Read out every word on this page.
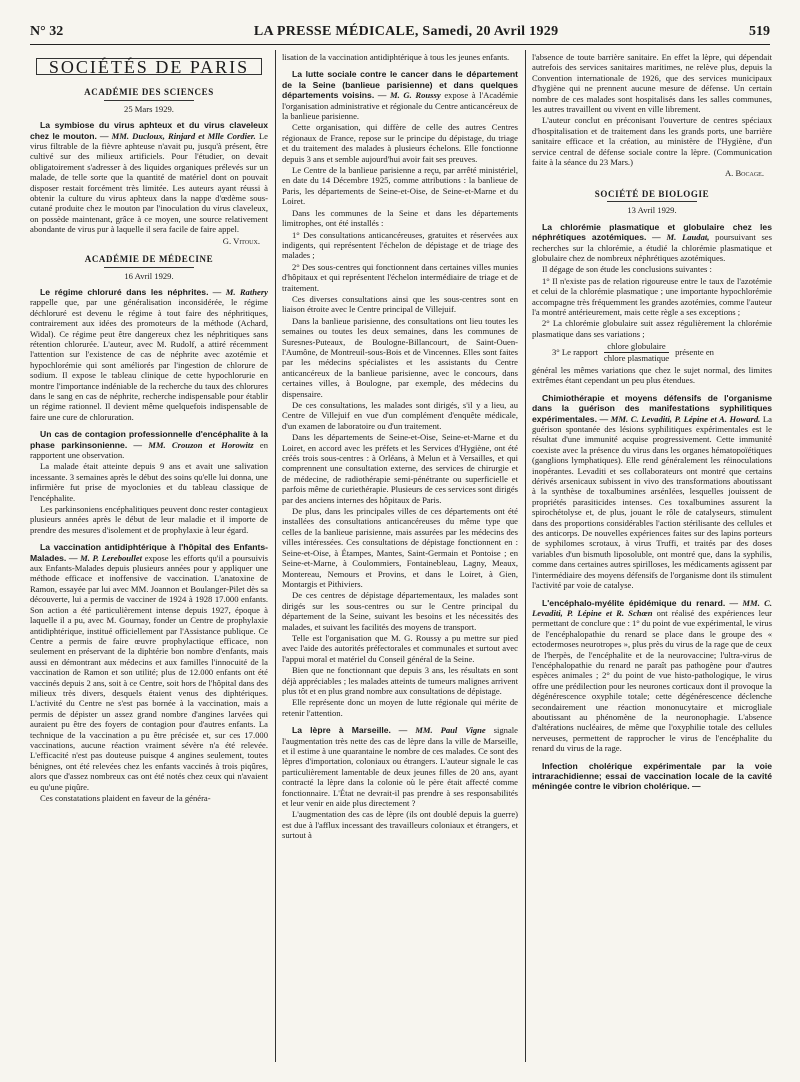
N° 32	LA PRESSE MÉDICALE, Samedi, 20 Avril 1929	519
SOCIÉTÉS DE PARIS
ACADÉMIE DES SCIENCES
25 Mars 1929.

La symbiose du virus aphteux et du virus claveleux chez le mouton. — MM. Ducloux, Rinjard et Mlle Cordier. Le virus filtrable de la fièvre aphteuse n'avait pu, jusqu'à présent, être cultivé sur des milieux artificiels. Pour l'étudier, on devait obligatoirement s'adresser à des liquides organiques prélevés sur un malade, de telle sorte que la quantité de matériel dont on pouvait disposer restait forcément très limitée. Les auteurs ayant réussi à obtenir la culture du virus aphteux dans la nappe d'œdème sous-cutané produite chez le mouton par l'inoculation du virus claveleux, on possède maintenant, grâce à ce moyen, une source relativement abondante de virus pur à laquelle il sera facile de faire appel.

G. Vitoux.
ACADÉMIE DE MÉDECINE
16 Avril 1929.

Le régime chloruré dans les néphrites. — M. Rathery rappelle que, par une généralisation inconsidérée, le régime déchloruré est devenu le régime à tout faire des néphritiques, contrairement aux idées des promoteurs de la méthode (Achard, Widal). Ce régime peut être dangereux chez les néphritiques sans rétention chlorurée. L'auteur, avec M. Rudolf, a attiré récemment l'attention sur l'existence de cas de néphrite avec azotémie et hypochlorémie qui sont améliorés par l'ingestion de chlorure de sodium. Il expose le tableau clinique de cette hypochlorurie en montre l'importance indéniable de la recherche du taux des chlorures dans le sang en cas de néphrite, recherche indispensable pour établir un régime rationnel. Il devient même quelquefois indispensable de faire une cure de chloruration.

Un cas de contagion professionnelle d'encéphalite à la phase parkinsonienne. — MM. Crouzon et Horowitz en rapportent une observation.

La malade était atteinte depuis 9 ans et avait une salivation incessante. 3 semaines après le début des soins qu'elle lui donna, une infirmière fut prise de myoclonies et du tableau classique de l'encéphalite.

Les parkinsoniens encéphalitiques peuvent donc rester contagieux plusieurs années après le début de leur maladie et il importe de prendre des mesures d'isolement et de prophylaxie à leur égard.

La vaccination antidiphtérique à l'hôpital des Enfants-Malades. — M. P. Lereboullet expose les efforts qu'il a poursuivis aux Enfants-Malades depuis plusieurs années pour y appliquer une méthode efficace et inoffensive de vaccination. L'anatoxine de Ramon, essayée par lui avec MM. Joannon et Boulanger-Pilet dès sa découverte, lui a permis de vacciner de 1924 à 1928 17.000 enfants. Son action a été particulièrement intense depuis 1927, époque à laquelle il a pu, avec M. Gournay, fonder un Centre de prophylaxie antidiphtérique, institué officiellement par l'Assistance publique. Ce Centre a permis de faire œuvre prophylactique efficace, non seulement en préservant de la diphtérie bon nombre d'enfants, mais aussi en démontrant aux médecins et aux familles l'innocuité de la vaccination de Ramon et son utilité; plus de 12.000 enfants ont été vaccinés depuis 2 ans, soit à ce Centre, soit hors de l'hôpital dans des milieux très divers, desquels étaient venus des diphtériques. L'activité du Centre ne s'est pas bornée à la vaccination, mais a permis de dépister un assez grand nombre d'angines larvées qui auraient pu être des foyers de contagion pour d'autres enfants. La technique de la vaccination a pu être précisée et, sur ces 17.000 vaccinations, aucune réaction vraiment sévère n'a été relevée. L'efficacité n'est pas douteuse puisque 4 angines seulement, toutes bénignes, ont été relevées chez les enfants vaccinés à trois piqûres, alors que d'assez nombreux cas ont été notés chez ceux qui n'avaient eu qu'une piqûre.

Ces constatations plaident en faveur de la généra-

lisation de la vaccination antidiphtérique à tous les jeunes enfants.

La lutte sociale contre le cancer dans le département de la Seine (banlieue parisienne) et dans quelques départements voisins. — M. G. Roussy expose à l'Académie l'organisation administrative et régionale du Centre anticancéreux de la banlieue parisienne.

Cette organisation, qui diffère de celle des autres Centres régionaux de France, repose sur le principe du dépistage, du triage et du traitement des malades à plusieurs échelons. Elle fonctionne depuis 3 ans et semble aujourd'hui avoir fait ses preuves.

Le Centre de la banlieue parisienne a reçu, par arrêté ministériel, en date du 14 Décembre 1925, comme attributions : la banlieue de Paris, les départements de Seine-et-Oise, de Seine-et-Marne et du Loiret.

Dans les communes de la Seine et dans les départements limitrophes, ont été installés :

1° Des consultations anticancéreuses, gratuites et réservées aux indigents, qui représentent l'échelon de dépistage et de triage des malades ;

2° Des sous-centres qui fonctionnent dans certaines villes munies d'hôpitaux et qui représentent l'échelon intermédiaire de triage et de traitement.

Ces diverses consultations ainsi que les sous-centres sont en liaison étroite avec le Centre principal de Villejuif.

Dans la banlieue parisienne, des consultations ont lieu toutes les semaines ou toutes les deux semaines, dans les communes de Suresnes-Puteaux, de Boulogne-Billancourt, de Saint-Ouen-l'Aumône, de Montreuil-sous-Bois et de Vincennes. Elles sont faites par les médecins spécialistes et les assistants du Centre anticancéreux de la banlieue parisienne, avec le concours, dans certaines villes, à Boulogne, par exemple, des médecins du dispensaire.

De ces consultations, les malades sont dirigés, s'il y a lieu, au Centre de Villejuif en vue d'un complément d'enquête médicale, d'un examen de laboratoire ou d'un traitement.

Dans les départements de Seine-et-Oise, Seine-et-Marne et du Loiret, en accord avec les préfets et les Services d'Hygiène, ont été créés trois sous-centres : à Orléans, à Melun et à Versailles, et qui comprennent une consultation externe, des services de chirurgie et de médecine, de radiothérapie semi-pénétrante ou superficielle et parfois même de curiethérapie. Plusieurs de ces services sont dirigés par des anciens internes des hôpitaux de Paris.

De plus, dans les principales villes de ces départements ont été installées des consultations anticancéreuses du même type que celles de la banlieue parisienne, mais assurées par les médecins des villes intéressées. Ces consultations de dépistage fonctionnent en : Seine-et-Oise, à Étampes, Mantes, Saint-Germain et Pontoise ; en Seine-et-Marne, à Coulommiers, Fontainebleau, Lagny, Meaux, Montereau, Nemours et Provins, et dans le Loiret, à Gien, Montargis et Pithiviers.

De ces centres de dépistage départementaux, les malades sont dirigés sur les sous-centres ou sur le Centre principal du département de la Seine, suivant les besoins et les nécessités des malades, et suivant les facilités des moyens de transport.

Telle est l'organisation que M. G. Roussy a pu mettre sur pied avec l'aide des autorités préfectorales et communales et surtout avec l'appui moral et matériel du Conseil général de la Seine.

Bien que ne fonctionnant que depuis 3 ans, les résultats en sont déjà appréciables ; les malades atteints de tumeurs malignes arrivent plus tôt et en plus grand nombre aux consultations de dépistage.

Elle représente donc un moyen de lutte régionale qui mérite de retenir l'attention.

La lèpre à Marseille. — MM. Paul Vigne signale l'augmentation très nette des cas de lèpre dans la ville de Marseille, et il estime à une quarantaine le nombre de ces malades. Ce sont des lèpres d'importation, coloniaux ou étrangers. L'auteur signale le cas particulièrement lamentable de deux jeunes filles de 20 ans, ayant contracté la lèpre dans la colonie où le père était affecté comme fonctionnaire. L'État ne devrait-il pas prendre à ses responsabilités et leur venir en aide plus directement ?

L'augmentation des cas de lèpre (ils ont doublé depuis la guerre) est due à l'afflux incessant des travailleurs coloniaux et étrangers, et surtout à

l'absence de toute barrière sanitaire. En effet la lèpre, qui dépendait autrefois des services sanitaires maritimes, ne relève plus, depuis la Convention internationale de 1926, que des services municipaux d'hygiène qui ne prennent aucune mesure de défense. Un certain nombre de ces malades sont hospitalisés dans les salles communes, les autres travaillent ou vivent en ville librement.

L'auteur conclut en préconisant l'ouverture de centres spéciaux d'hospitalisation et de traitement dans les grands ports, une barrière sanitaire efficace et la création, au ministère de l'Hygiène, d'un service central de défense sociale contre la lèpre. (Communication faite à la séance du 23 Mars.)

A. Bocage.
SOCIÉTÉ DE BIOLOGIE
13 Avril 1929.

La chlorémie plasmatique et globulaire chez les néphrétiques azotémiques. — M. Laudat, poursuivant ses recherches sur la chlorémie, a étudié la chlorémie plasmatique et globulaire chez de nombreux néphrétiques azotémiques.

Il dégage de son étude les conclusions suivantes :

1° Il n'existe pas de relation rigoureuse entre le taux de l'azotémie et celui de la chlorémie plasmatique ; une importante hypochlorémie accompagne très fréquemment les grandes azotémies, comme l'auteur l'a montré antérieurement, mais cette règle a ses exceptions ;

2° La chlorémie globulaire suit assez régulièrement la chlorémie plasmatique dans ses variations ;

3° Le rapport
chlore globulaire
chlore plasmatique
présente en

général les mêmes variations que chez le sujet normal, des limites extrêmes étant cependant un peu plus étendues.

Chimiothérapie et moyens défensifs de l'organisme dans la guérison des manifestations syphilitiques expérimentales. — MM. C. Levaditi, P. Lépine et A. Howard. La guérison spontanée des lésions syphilitiques expérimentales est le résultat d'une immunité acquise progressivement. Cette immunité coexiste avec la présence du virus dans les organes hématopoïétiques (ganglions lymphatiques). Elle rend généralement les réinoculations inopérantes. Levaditi et ses collaborateurs ont montré que certains dérivés arsenicaux subissent in vivo des transformations aboutissant à la synthèse de toxalbumines arsénIées, lesquelles jouissent de propriétés parasiticides intenses. Ces toxalbumines assurent la spirochétolyse et, de plus, jouant le rôle de catalyseurs, stimulent dans des proportions considérables l'action stérilisante des cellules et des anticorps. De nouvelles expériences faites sur des lapins porteurs de syphilomes scrotaux, à virus Truffi, et traités par des doses variables d'un bismuth liposoluble, ont montré que, dans la syphilis, comme dans certaines autres spirilloses, les médicaments agissent par l'intermédiaire des moyens défensifs de l'organisme dont ils stimulent l'activité par voie de catalyse.

L'encéphalo-myélite épidémique du renard. — MM. C. Levaditi, P. Lépine et R. Schœn ont réalisé des expériences leur permettant de conclure que : 1° du point de vue expérimental, le virus de l'encéphalopathie du renard se place dans le groupe des « ectodermoses neurotropes », plus près du virus de la rage que de ceux de l'herpès, de l'encéphalite et de la neurovaccine; l'ultra-virus de l'encéphalopathie du renard ne paraît pas pathogène pour d'autres espèces animales ; 2° du point de vue histo-pathologique, le virus offre une prédilection pour les neurones corticaux dont il provoque la dégénérescence oxyphile totale; cette dégénérescence déclenche secondairement une réaction mononucytaire et microgliale aboutissant au phénomène de la neuronophagie. L'absence d'altérations nucléaires, de même que l'oxyphilie totale des cellules nerveuses, permettent de rapprocher le virus de l'encéphalite du renard du virus de la rage.

Infection cholérique expérimentale par la voie intrarachidienne; essai de vaccination locale de la cavité méningée contre le vibrion cholérique. —
